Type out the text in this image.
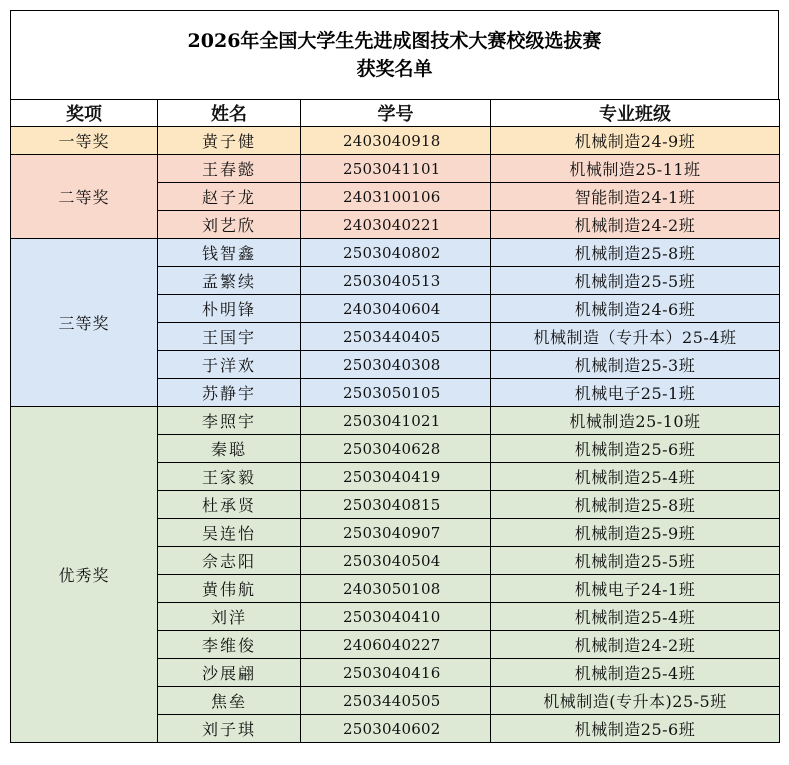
2026年全国大学生先进成图技术大赛校级选拔赛
获奖名单
奖项	姓名	学号	专业班级
一等奖	黄子健	2403040918	机械制造24-9班
二等奖	王春懿	2503041101	机械制造25-11班
	赵子龙	2403100106	智能制造24-1班
	刘艺欣	2403040221	机械制造24-2班
三等奖	钱智鑫	2503040802	机械制造25-8班
	孟繁续	2503040513	机械制造25-5班
	朴明锋	2403040604	机械制造24-6班
	王国宇	2503440405	机械制造（专升本）25-4班
	于洋欢	2503040308	机械制造25-3班
	苏静宇	2503050105	机械电子25-1班
优秀奖	李照宇	2503041021	机械制造25-10班
	秦聪	2503040628	机械制造25-6班
	王家毅	2503040419	机械制造25-4班
	杜承贤	2503040815	机械制造25-8班
	吴连怡	2503040907	机械制造25-9班
	佘志阳	2503040504	机械制造25-5班
	黄伟航	2403050108	机械电子24-1班
	刘洋	2503040410	机械制造25-4班
	李维俊	2406040227	机械制造24-2班
	沙展翩	2503040416	机械制造25-4班
	焦垒	2503440505	机械制造(专升本)25-5班
	刘子琪	2503040602	机械制造25-6班
